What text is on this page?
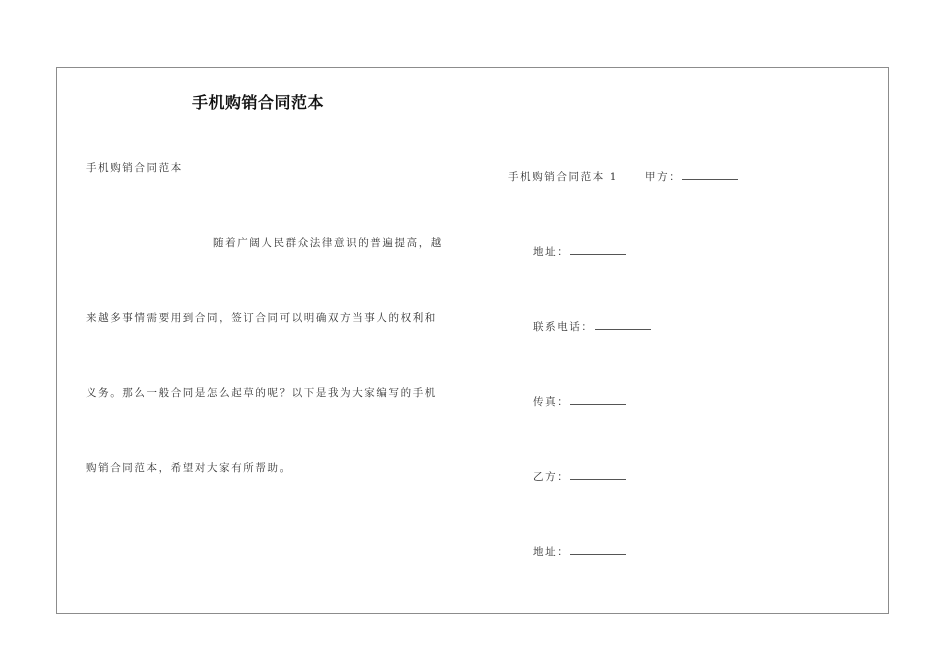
手机购销合同范本
手机购销合同范本
随着广阔人民群众法律意识的普遍提高，越
来越多事情需要用到合同，签订合同可以明确双方当事人的权利和
义务。那么一般合同是怎么起草的呢？以下是我为大家编写的手机
购销合同范本，希望对大家有所帮助。
手机购销合同范本 1	甲方：
地址：
联系电话：
传真：
乙方：
地址：
